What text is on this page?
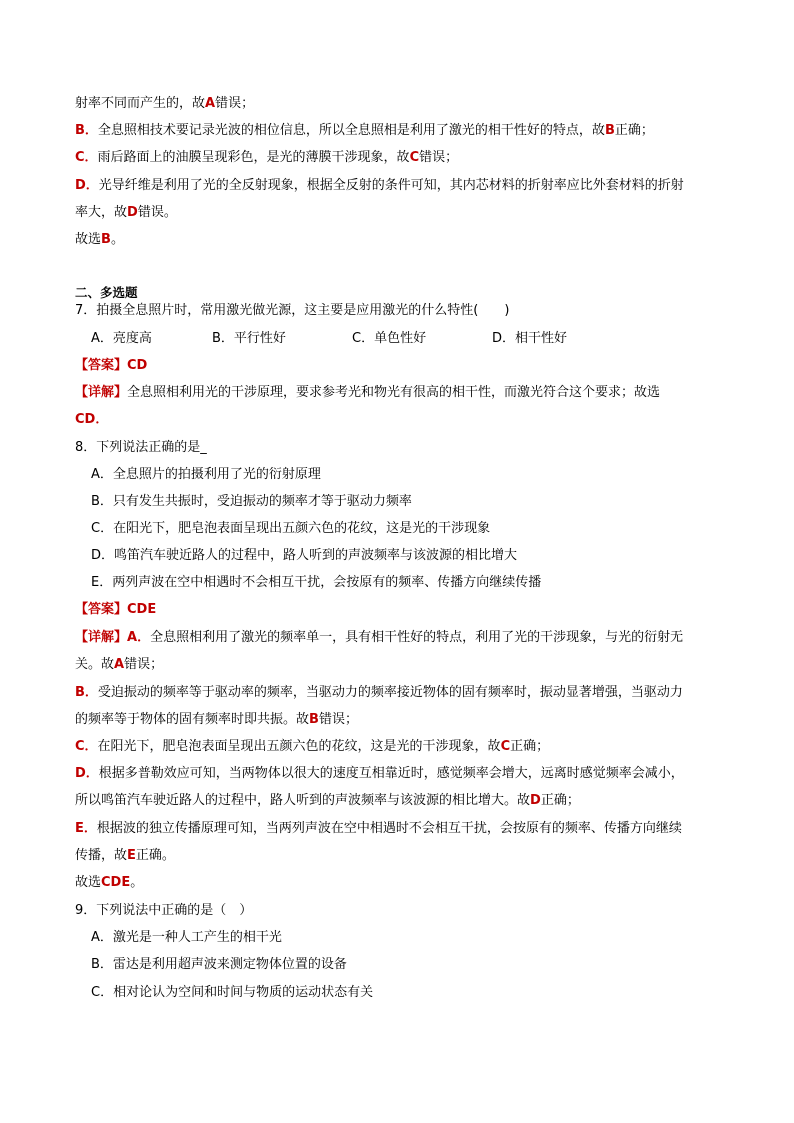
射率不同而产生的，故A错误；
B．全息照相技术要记录光波的相位信息，所以全息照相是利用了激光的相干性好的特点，故B正确；
C．雨后路面上的油膜呈现彩色，是光的薄膜干涉现象，故C错误；
D．光导纤维是利用了光的全反射现象，根据全反射的条件可知，其内芯材料的折射率应比外套材料的折射
率大，故D错误。
故选B。
二、多选题
7．拍摄全息照片时，常用激光做光源，这主要是应用激光的什么特性(　　)
A．亮度高	B．平行性好	C．单色性好	D．相干性好
【答案】CD
【详解】全息照相利用光的干涉原理，要求参考光和物光有很高的相干性，而激光符合这个要求；故选
CD．
8．下列说法正确的是_
A．全息照片的拍摄利用了光的衍射原理
B．只有发生共振时，受迫振动的频率才等于驱动力频率
C．在阳光下，肥皂泡表面呈现出五颜六色的花纹，这是光的干涉现象
D．鸣笛汽车驶近路人的过程中，路人听到的声波频率与该波源的相比增大
E．两列声波在空中相遇时不会相互干扰，会按原有的频率、传播方向继续传播
【答案】CDE
【详解】A．全息照相利用了激光的频率单一，具有相干性好的特点，利用了光的干涉现象，与光的衍射无
关。故A错误；
B．受迫振动的频率等于驱动率的频率，当驱动力的频率接近物体的固有频率时，振动显著增强，当驱动力
的频率等于物体的固有频率时即共振。故B错误；
C．在阳光下，肥皂泡表面呈现出五颜六色的花纹，这是光的干涉现象，故C正确；
D．根据多普勒效应可知，当两物体以很大的速度互相靠近时，感觉频率会增大，远离时感觉频率会减小，
所以鸣笛汽车驶近路人的过程中，路人听到的声波频率与该波源的相比增大。故D正确；
E．根据波的独立传播原理可知，当两列声波在空中相遇时不会相互干扰，会按原有的频率、传播方向继续
传播，故E正确。
故选CDE。
9．下列说法中正确的是（　）
A．激光是一种人工产生的相干光
B．雷达是利用超声波来测定物体位置的设备
C．相对论认为空间和时间与物质的运动状态有关
